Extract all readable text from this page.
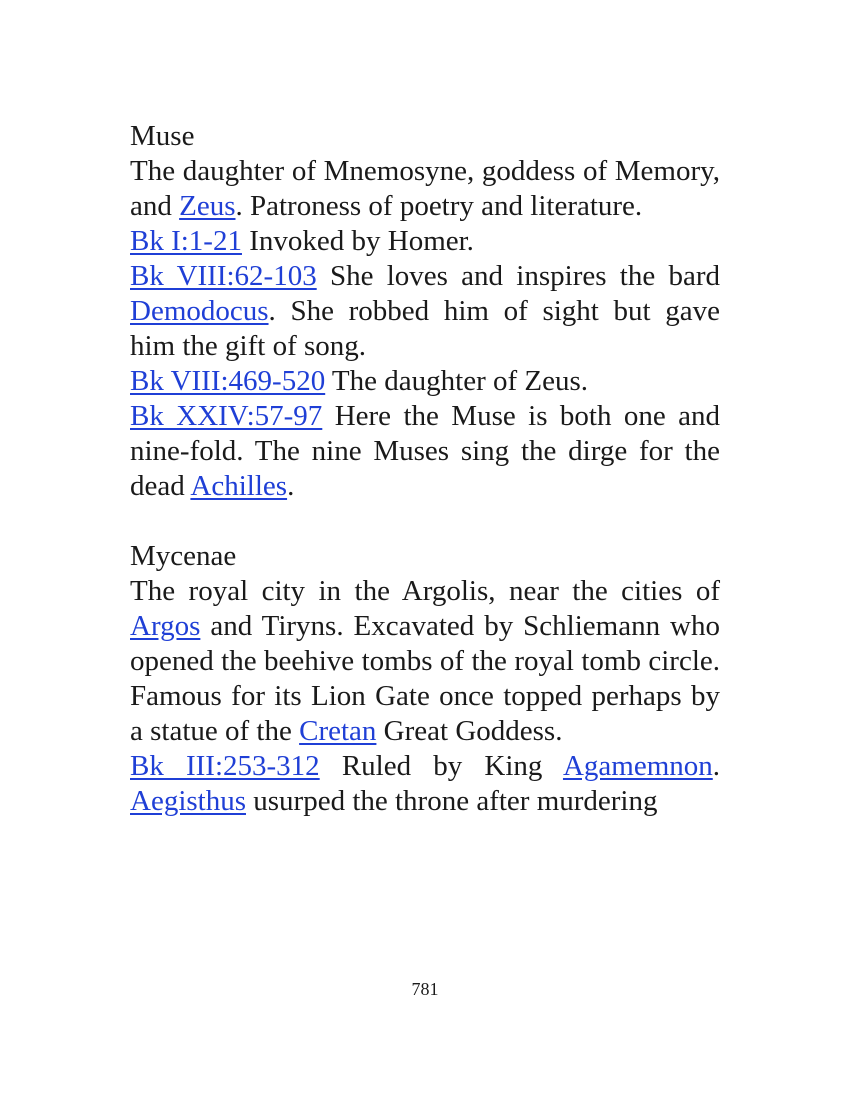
Muse

The daughter of Mnemosyne, goddess of Memory, and Zeus. Patroness of poetry and literature.

Bk I:1-21 Invoked by Homer.

Bk VIII:62-103 She loves and inspires the bard Demodocus. She robbed him of sight but gave him the gift of song.

Bk VIII:469-520 The daughter of Zeus.

Bk XXIV:57-97 Here the Muse is both one and nine-fold. The nine Muses sing the dirge for the dead Achilles.

Mycenae

The royal city in the Argolis, near the cities of Argos and Tiryns. Excavated by Schliemann who opened the beehive tombs of the royal tomb circle. Famous for its Lion Gate once topped perhaps by a statue of the Cretan Great Goddess.

Bk III:253-312 Ruled by King Agamemnon. Aegisthus usurped the throne after murdering

781
